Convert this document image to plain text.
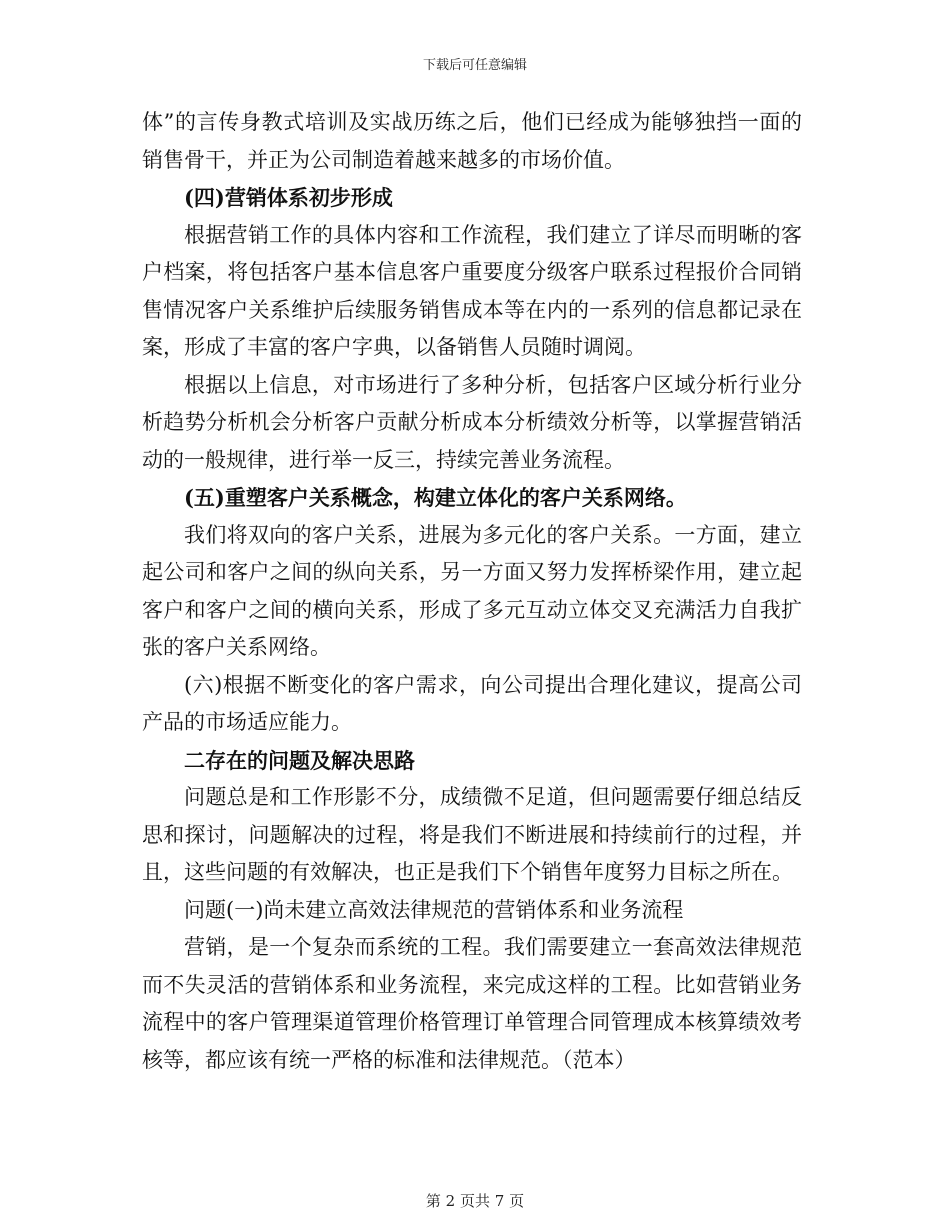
下载后可任意编辑

体”的言传身教式培训及实战历练之后，他们已经成为能够独挡一面的销售骨干，并正为公司制造着越来越多的市场价值。

(四)营销体系初步形成

根据营销工作的具体内容和工作流程，我们建立了详尽而明晰的客户档案，将包括客户基本信息客户重要度分级客户联系过程报价合同销售情况客户关系维护后续服务销售成本等在内的一系列的信息都记录在案，形成了丰富的客户字典，以备销售人员随时调阅。

根据以上信息，对市场进行了多种分析，包括客户区域分析行业分析趋势分析机会分析客户贡献分析成本分析绩效分析等，以掌握营销活动的一般规律，进行举一反三，持续完善业务流程。

(五)重塑客户关系概念，构建立体化的客户关系网络。

我们将双向的客户关系，进展为多元化的客户关系。一方面，建立起公司和客户之间的纵向关系，另一方面又努力发挥桥梁作用，建立起客户和客户之间的横向关系，形成了多元互动立体交叉充满活力自我扩张的客户关系网络。

(六)根据不断变化的客户需求，向公司提出合理化建议，提高公司产品的市场适应能力。

二存在的问题及解决思路

问题总是和工作形影不分，成绩微不足道，但问题需要仔细总结反思和探讨，问题解决的过程，将是我们不断进展和持续前行的过程，并且，这些问题的有效解决，也正是我们下个销售年度努力目标之所在。

问题(一)尚未建立高效法律规范的营销体系和业务流程

营销，是一个复杂而系统的工程。我们需要建立一套高效法律规范而不失灵活的营销体系和业务流程，来完成这样的工程。比如营销业务流程中的客户管理渠道管理价格管理订单管理合同管理成本核算绩效考核等，都应该有统一严格的标准和法律规范。（范本）

第 2 页共 7 页
